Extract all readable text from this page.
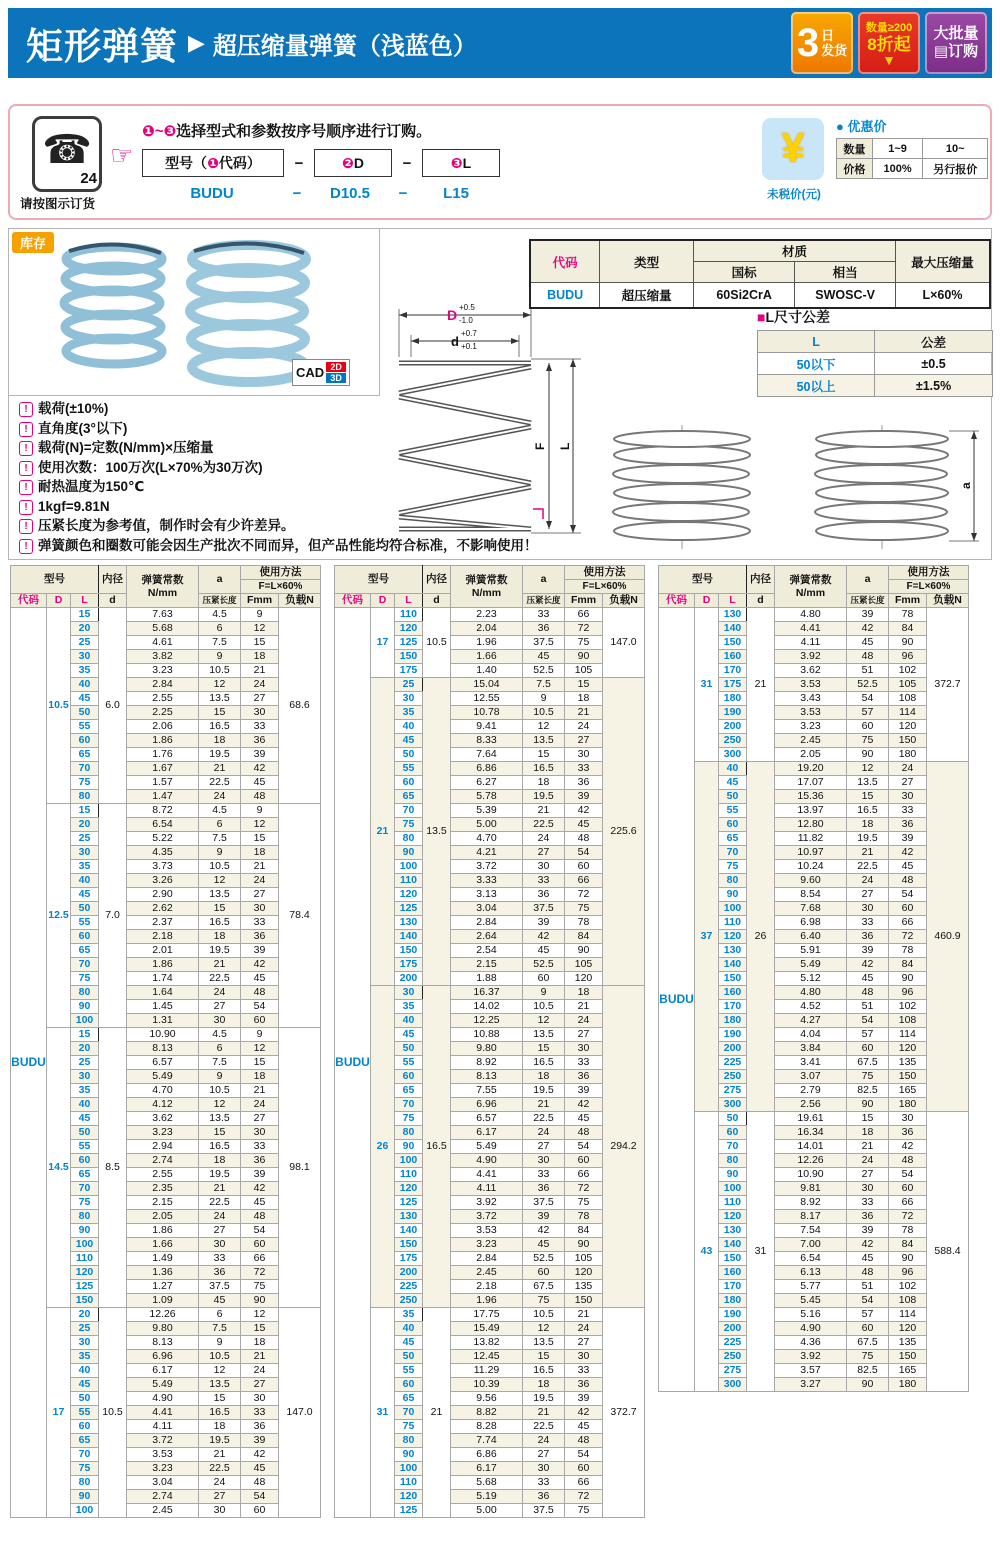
矩形弹簧 ▶ 超压缩量弹簧（浅蓝色）	3 日
发货
数量≥200
8折起
▼
大批量
▤订购
☎
24
请按图示订货
☞
❶~❸选择型式和参数按序号顺序进行订购。
型号（❶代码）	−	❷D	−	❸L
BUDU	−	D10.5	−	L15
¥
未税价(元)
● 优惠价
数量	1~9	10~
价格	100%	另行报价
库存
CAD 2D
3D
代码	类型	材质		最大压缩量
		国标	相当	
BUDU	超压缩量	60Si2CrA	SWOSC-V	L×60%
■L尺寸公差
L	公差
50以下	±0.5
50以上	±1.5%
D +0.5
-1.0
d
+0.7
+0.1
F L
a
! 载荷(±10%)
! 直角度(3°以下)
! 载荷(N)=定数(N/mm)×压缩量
! 使用次数：100万次(L×70%为30万次)
! 耐热温度为150℃
! 1kgf=9.81N
! 压紧长度为参考值，制作时会有少许差异。
! 弹簧颜色和圈数可能会因生产批次不同而异，但产品性能均符合标准，不影响使用！
型号			内径	弹簧常数
N/mm	a	使用方法	
						F=L×60%	
代码	D	L	d		压紧长度	Fmm	负载N
BUDU	10.5	15	6.0	7.63	4.5	9	68.6
		20		5.68	6	12	
		25		4.61	7.5	15	
		30		3.82	9	18	
		35		3.23	10.5	21	
		40		2.84	12	24	
		45		2.55	13.5	27	
		50		2.25	15	30	
		55		2.06	16.5	33	
		60		1.86	18	36	
		65		1.76	19.5	39	
		70		1.67	21	42	
		75		1.57	22.5	45	
		80		1.47	24	48	
	12.5	15	7.0	8.72	4.5	9	78.4
		20		6.54	6	12	
		25		5.22	7.5	15	
		30		4.35	9	18	
		35		3.73	10.5	21	
		40		3.26	12	24	
		45		2.90	13.5	27	
		50		2.62	15	30	
		55		2.37	16.5	33	
		60		2.18	18	36	
		65		2.01	19.5	39	
		70		1.86	21	42	
		75		1.74	22.5	45	
		80		1.64	24	48	
		90		1.45	27	54	
		100		1.31	30	60	
	14.5	15	8.5	10.90	4.5	9	98.1
		20		8.13	6	12	
		25		6.57	7.5	15	
		30		5.49	9	18	
		35		4.70	10.5	21	
		40		4.12	12	24	
		45		3.62	13.5	27	
		50		3.23	15	30	
		55		2.94	16.5	33	
		60		2.74	18	36	
		65		2.55	19.5	39	
		70		2.35	21	42	
		75		2.15	22.5	45	
		80		2.05	24	48	
		90		1.86	27	54	
		100		1.66	30	60	
		110		1.49	33	66	
		120		1.36	36	72	
		125		1.27	37.5	75	
		150		1.09	45	90	
	17	20	10.5	12.26	6	12	147.0
		25		9.80	7.5	15	
		30		8.13	9	18	
		35		6.96	10.5	21	
		40		6.17	12	24	
		45		5.49	13.5	27	
		50		4.90	15	30	
		55		4.41	16.5	33	
		60		4.11	18	36	
		65		3.72	19.5	39	
		70		3.53	21	42	
		75		3.23	22.5	45	
		80		3.04	24	48	
		90		2.74	27	54	
		100		2.45	30	60	
型号			内径	弹簧常数
N/mm	a	使用方法	
						F=L×60%	
代码	D	L	d		压紧长度	Fmm	负载N
BUDU	17	110	10.5	2.23	33	66	147.0
		120		2.04	36	72	
		125		1.96	37.5	75	
		150		1.66	45	90	
		175		1.40	52.5	105	
	21	25	13.5	15.04	7.5	15	225.6
		30		12.55	9	18	
		35		10.78	10.5	21	
		40		9.41	12	24	
		45		8.33	13.5	27	
		50		7.64	15	30	
		55		6.86	16.5	33	
		60		6.27	18	36	
		65		5.78	19.5	39	
		70		5.39	21	42	
		75		5.00	22.5	45	
		80		4.70	24	48	
		90		4.21	27	54	
		100		3.72	30	60	
		110		3.33	33	66	
		120		3.13	36	72	
		125		3.04	37.5	75	
		130		2.84	39	78	
		140		2.64	42	84	
		150		2.54	45	90	
		175		2.15	52.5	105	
		200		1.88	60	120	
	26	30	16.5	16.37	9	18	294.2
		35		14.02	10.5	21	
		40		12.25	12	24	
		45		10.88	13.5	27	
		50		9.80	15	30	
		55		8.92	16.5	33	
		60		8.13	18	36	
		65		7.55	19.5	39	
		70		6.96	21	42	
		75		6.57	22.5	45	
		80		6.17	24	48	
		90		5.49	27	54	
		100		4.90	30	60	
		110		4.41	33	66	
		120		4.11	36	72	
		125		3.92	37.5	75	
		130		3.72	39	78	
		140		3.53	42	84	
		150		3.23	45	90	
		175		2.84	52.5	105	
		200		2.45	60	120	
		225		2.18	67.5	135	
		250		1.96	75	150	
	31	35	21	17.75	10.5	21	372.7
		40		15.49	12	24	
		45		13.82	13.5	27	
		50		12.45	15	30	
		55		11.29	16.5	33	
		60		10.39	18	36	
		65		9.56	19.5	39	
		70		8.82	21	42	
		75		8.28	22.5	45	
		80		7.74	24	48	
		90		6.86	27	54	
		100		6.17	30	60	
		110		5.68	33	66	
		120		5.19	36	72	
		125		5.00	37.5	75	
型号			内径	弹簧常数
N/mm	a	使用方法	
						F=L×60%	
代码	D	L	d		压紧长度	Fmm	负载N
BUDU	31	130	21	4.80	39	78	372.7
		140		4.41	42	84	
		150		4.11	45	90	
		160		3.92	48	96	
		170		3.62	51	102	
		175		3.53	52.5	105	
		180		3.43	54	108	
		190		3.53	57	114	
		200		3.23	60	120	
		250		2.45	75	150	
		300		2.05	90	180	
	37	40	26	19.20	12	24	460.9
		45		17.07	13.5	27	
		50		15.36	15	30	
		55		13.97	16.5	33	
		60		12.80	18	36	
		65		11.82	19.5	39	
		70		10.97	21	42	
		75		10.24	22.5	45	
		80		9.60	24	48	
		90		8.54	27	54	
		100		7.68	30	60	
		110		6.98	33	66	
		120		6.40	36	72	
		130		5.91	39	78	
		140		5.49	42	84	
		150		5.12	45	90	
		160		4.80	48	96	
		170		4.52	51	102	
		180		4.27	54	108	
		190		4.04	57	114	
		200		3.84	60	120	
		225		3.41	67.5	135	
		250		3.07	75	150	
		275		2.79	82.5	165	
		300		2.56	90	180	
	43	50	31	19.61	15	30	588.4
		60		16.34	18	36	
		70		14.01	21	42	
		80		12.26	24	48	
		90		10.90	27	54	
		100		9.81	30	60	
		110		8.92	33	66	
		120		8.17	36	72	
		130		7.54	39	78	
		140		7.00	42	84	
		150		6.54	45	90	
		160		6.13	48	96	
		170		5.77	51	102	
		180		5.45	54	108	
		190		5.16	57	114	
		200		4.90	60	120	
		225		4.36	67.5	135	
		250		3.92	75	150	
		275		3.57	82.5	165	
		300		3.27	90	180	
